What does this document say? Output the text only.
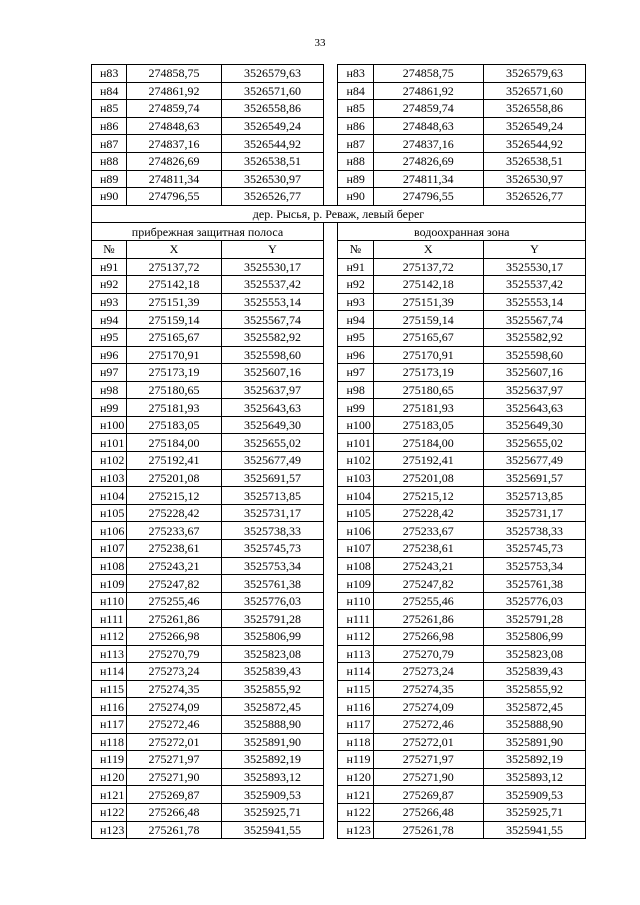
33
н83	274858,75	3526579,63		н83	274858,75	3526579,63
н84	274861,92	3526571,60		н84	274861,92	3526571,60
н85	274859,74	3526558,86		н85	274859,74	3526558,86
н86	274848,63	3526549,24		н86	274848,63	3526549,24
н87	274837,16	3526544,92		н87	274837,16	3526544,92
н88	274826,69	3526538,51		н88	274826,69	3526538,51
н89	274811,34	3526530,97		н89	274811,34	3526530,97
н90	274796,55	3526526,77		н90	274796,55	3526526,77
дер. Рысья, р. Реваж, левый берег						
прибрежная защитная полоса				водоохранная зона		
№	X	Y		№	X	Y
н91	275137,72	3525530,17		н91	275137,72	3525530,17
н92	275142,18	3525537,42		н92	275142,18	3525537,42
н93	275151,39	3525553,14		н93	275151,39	3525553,14
н94	275159,14	3525567,74		н94	275159,14	3525567,74
н95	275165,67	3525582,92		н95	275165,67	3525582,92
н96	275170,91	3525598,60		н96	275170,91	3525598,60
н97	275173,19	3525607,16		н97	275173,19	3525607,16
н98	275180,65	3525637,97		н98	275180,65	3525637,97
н99	275181,93	3525643,63		н99	275181,93	3525643,63
н100	275183,05	3525649,30		н100	275183,05	3525649,30
н101	275184,00	3525655,02		н101	275184,00	3525655,02
н102	275192,41	3525677,49		н102	275192,41	3525677,49
н103	275201,08	3525691,57		н103	275201,08	3525691,57
н104	275215,12	3525713,85		н104	275215,12	3525713,85
н105	275228,42	3525731,17		н105	275228,42	3525731,17
н106	275233,67	3525738,33		н106	275233,67	3525738,33
н107	275238,61	3525745,73		н107	275238,61	3525745,73
н108	275243,21	3525753,34		н108	275243,21	3525753,34
н109	275247,82	3525761,38		н109	275247,82	3525761,38
н110	275255,46	3525776,03		н110	275255,46	3525776,03
н111	275261,86	3525791,28		н111	275261,86	3525791,28
н112	275266,98	3525806,99		н112	275266,98	3525806,99
н113	275270,79	3525823,08		н113	275270,79	3525823,08
н114	275273,24	3525839,43		н114	275273,24	3525839,43
н115	275274,35	3525855,92		н115	275274,35	3525855,92
н116	275274,09	3525872,45		н116	275274,09	3525872,45
н117	275272,46	3525888,90		н117	275272,46	3525888,90
н118	275272,01	3525891,90		н118	275272,01	3525891,90
н119	275271,97	3525892,19		н119	275271,97	3525892,19
н120	275271,90	3525893,12		н120	275271,90	3525893,12
н121	275269,87	3525909,53		н121	275269,87	3525909,53
н122	275266,48	3525925,71		н122	275266,48	3525925,71
н123	275261,78	3525941,55		н123	275261,78	3525941,55
